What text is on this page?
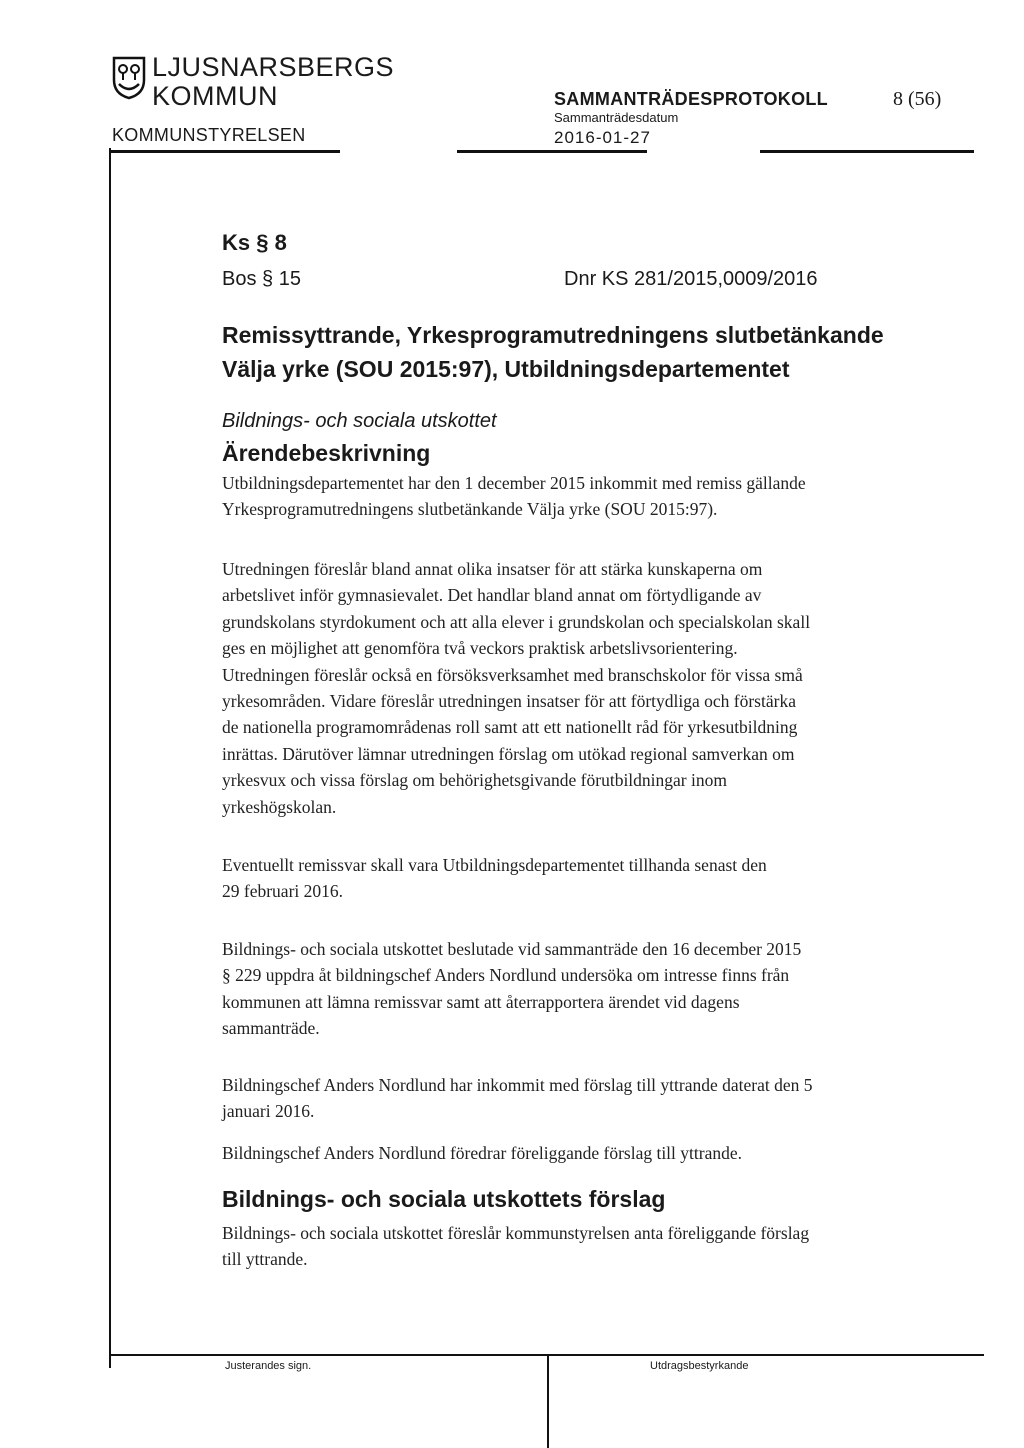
LJUSNARSBERGS
KOMMUN
KOMMUNSTYRELSEN
SAMMANTRÄDESPROTOKOLL
Sammanträdesdatum
2016-01-27
8 (56)
Ks § 8
Bos § 15	Dnr KS 281/2015,0009/2016
Remissyttrande, Yrkesprogramutredningens slutbetänkande
Välja yrke (SOU 2015:97), Utbildningsdepartementet
Bildnings- och sociala utskottet
Ärendebeskrivning
Utbildningsdepartementet har den 1 december 2015 inkommit med remiss gällande
Yrkesprogramutredningens slutbetänkande Välja yrke (SOU 2015:97).
Utredningen föreslår bland annat olika insatser för att stärka kunskaperna om
arbetslivet inför gymnasievalet. Det handlar bland annat om förtydligande av
grundskolans styrdokument och att alla elever i grundskolan och specialskolan skall
ges en möjlighet att genomföra två veckors praktisk arbetslivsorientering.
Utredningen föreslår också en försöksverksamhet med branschskolor för vissa små
yrkesområden. Vidare föreslår utredningen insatser för att förtydliga och förstärka
de nationella programområdenas roll samt att ett nationellt råd för yrkesutbildning
inrättas. Därutöver lämnar utredningen förslag om utökad regional samverkan om
yrkesvux och vissa förslag om behörighetsgivande förutbildningar inom
yrkeshögskolan.
Eventuellt remissvar skall vara Utbildningsdepartementet tillhanda senast den
29 februari 2016.
Bildnings- och sociala utskottet beslutade vid sammanträde den 16 december 2015
§ 229 uppdra åt bildningschef Anders Nordlund undersöka om intresse finns från
kommunen att lämna remissvar samt att återrapportera ärendet vid dagens
sammanträde.
Bildningschef Anders Nordlund har inkommit med förslag till yttrande daterat den 5
januari 2016.
Bildningschef Anders Nordlund föredrar föreliggande förslag till yttrande.
Bildnings- och sociala utskottets förslag
Bildnings- och sociala utskottet föreslår kommunstyrelsen anta föreliggande förslag
till yttrande.
Justerandes sign.	Utdragsbestyrkande
